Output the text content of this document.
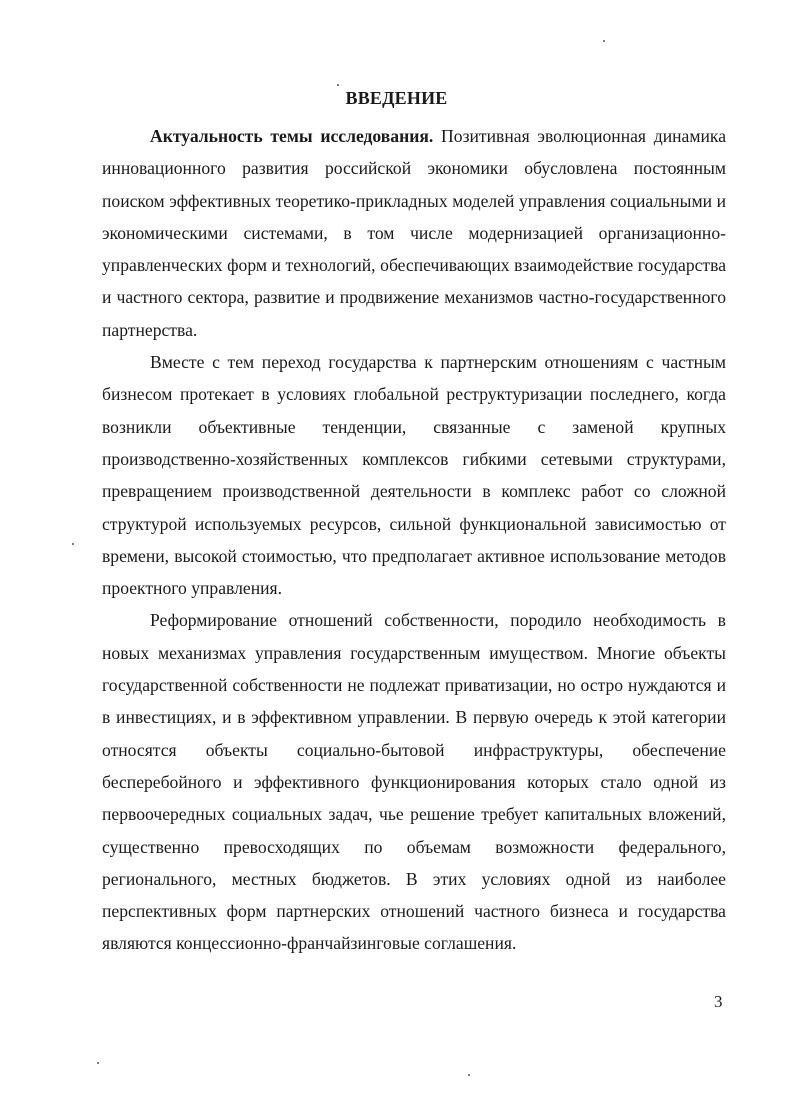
ВВЕДЕНИЕ

Актуальность темы исследования. Позитивная эволюционная динамика инновационного развития российской экономики обусловлена постоянным поиском эффективных теоретико-прикладных моделей управления социальными и экономическими системами, в том числе модернизацией организационно-управленческих форм и технологий, обеспечивающих взаимодействие государства и частного сектора, развитие и продвижение механизмов частно-государственного партнерства.

Вместе с тем переход государства к партнерским отношениям с частным бизнесом протекает в условиях глобальной реструктуризации последнего, когда возникли объективные тенденции, связанные с заменой крупных производственно-хозяйственных комплексов гибкими сетевыми структурами, превращением производственной деятельности в комплекс работ со сложной структурой используемых ресурсов, сильной функциональной зависимостью от времени, высокой стоимостью, что предполагает активное использование методов проектного управления.

Реформирование отношений собственности, породило необходимость в новых механизмах управления государственным имуществом. Многие объекты государственной собственности не подлежат приватизации, но остро нуждаются и в инвестициях, и в эффективном управлении. В первую очередь к этой категории относятся объекты социально-бытовой инфраструктуры, обеспечение бесперебойного и эффективного функционирования которых стало одной из первоочередных социальных задач, чье решение требует капитальных вложений, существенно превосходящих по объемам возможности федерального, регионального, местных бюджетов. В этих условиях одной из наиболее перспективных форм партнерских отношений частного бизнеса и государства являются концессионно-франчайзинговые соглашения.

3
